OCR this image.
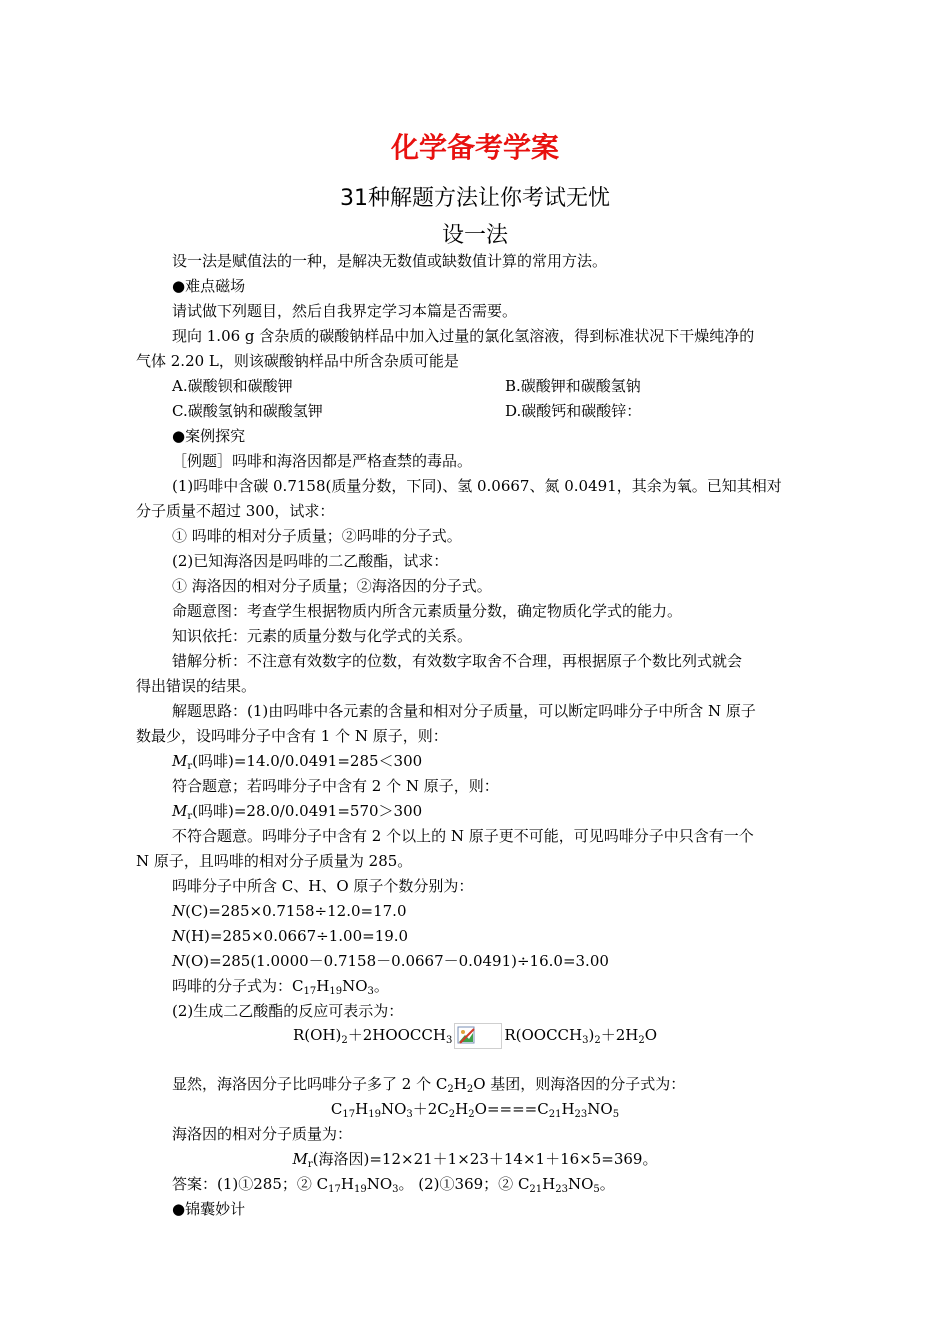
化学备考学案
31种解题方法让你考试无忧
设一法
设一法是赋值法的一种，是解决无数值或缺数值计算的常用方法。
●难点磁场
请试做下列题目，然后自我界定学习本篇是否需要。
现向 1.06 g 含杂质的碳酸钠样品中加入过量的氯化氢溶液，得到标准状况下干燥纯净的
气体 2.20 L，则该碳酸钠样品中所含杂质可能是
A.碳酸钡和碳酸钾	B.碳酸钾和碳酸氢钠
C.碳酸氢钠和碳酸氢钾	D.碳酸钙和碳酸锌：
●案例探究
［例题］吗啡和海洛因都是严格查禁的毒品。
(1)吗啡中含碳 0.7158(质量分数，下同)、氢 0.0667、氮 0.0491，其余为氧。已知其相对
分子质量不超过 300，试求：
① 吗啡的相对分子质量；②吗啡的分子式。
(2)已知海洛因是吗啡的二乙酸酯，试求：
① 海洛因的相对分子质量；②海洛因的分子式。
命题意图：考查学生根据物质内所含元素质量分数，确定物质化学式的能力。
知识依托：元素的质量分数与化学式的关系。
错解分析：不注意有效数字的位数，有效数字取舍不合理，再根据原子个数比列式就会
得出错误的结果。
解题思路：(1)由吗啡中各元素的含量和相对分子质量，可以断定吗啡分子中所含 N 原子
数最少，设吗啡分子中含有 1 个 N 原子，则：
$M_r$(吗啡)=14.0/0.0491=285＜300
符合题意；若吗啡分子中含有 2 个 N 原子，则：
$M_r$(吗啡)=28.0/0.0491=570＞300
不符合题意。吗啡分子中含有 2 个以上的 N 原子更不可能，可见吗啡分子中只含有一个
N 原子，且吗啡的相对分子质量为 285。
吗啡分子中所含 C、H、O 原子个数分别为：
N(C)=285×0.7158÷12.0=17.0
N(H)=285×0.0667÷1.00=19.0
N(O)=285(1.0000－0.7158－0.0667－0.0491)÷16.0=3.00
吗啡的分子式为：$C_{17}H_{19}NO_3$。
(2)生成二乙酸酯的反应可表示为：
$R(OH)_2+2HOOCCH_3$	$R(OOCCH_3)_2+2H_2O$
显然，海洛因分子比吗啡分子多了 2 个 $C_2H_2O$ 基团，则海洛因的分子式为：
$C_{17}H_{19}NO_3+2C_2H_2O====C_{21}H_{23}NO_5$
海洛因的相对分子质量为：
$M_r$(海洛因)=12×21＋1×23＋14×1＋16×5=369。
答案：(1)①285；② $C_{17}H_{19}NO_3$。 (2)①369；② $C_{21}H_{23}NO_5$。
●锦囊妙计
